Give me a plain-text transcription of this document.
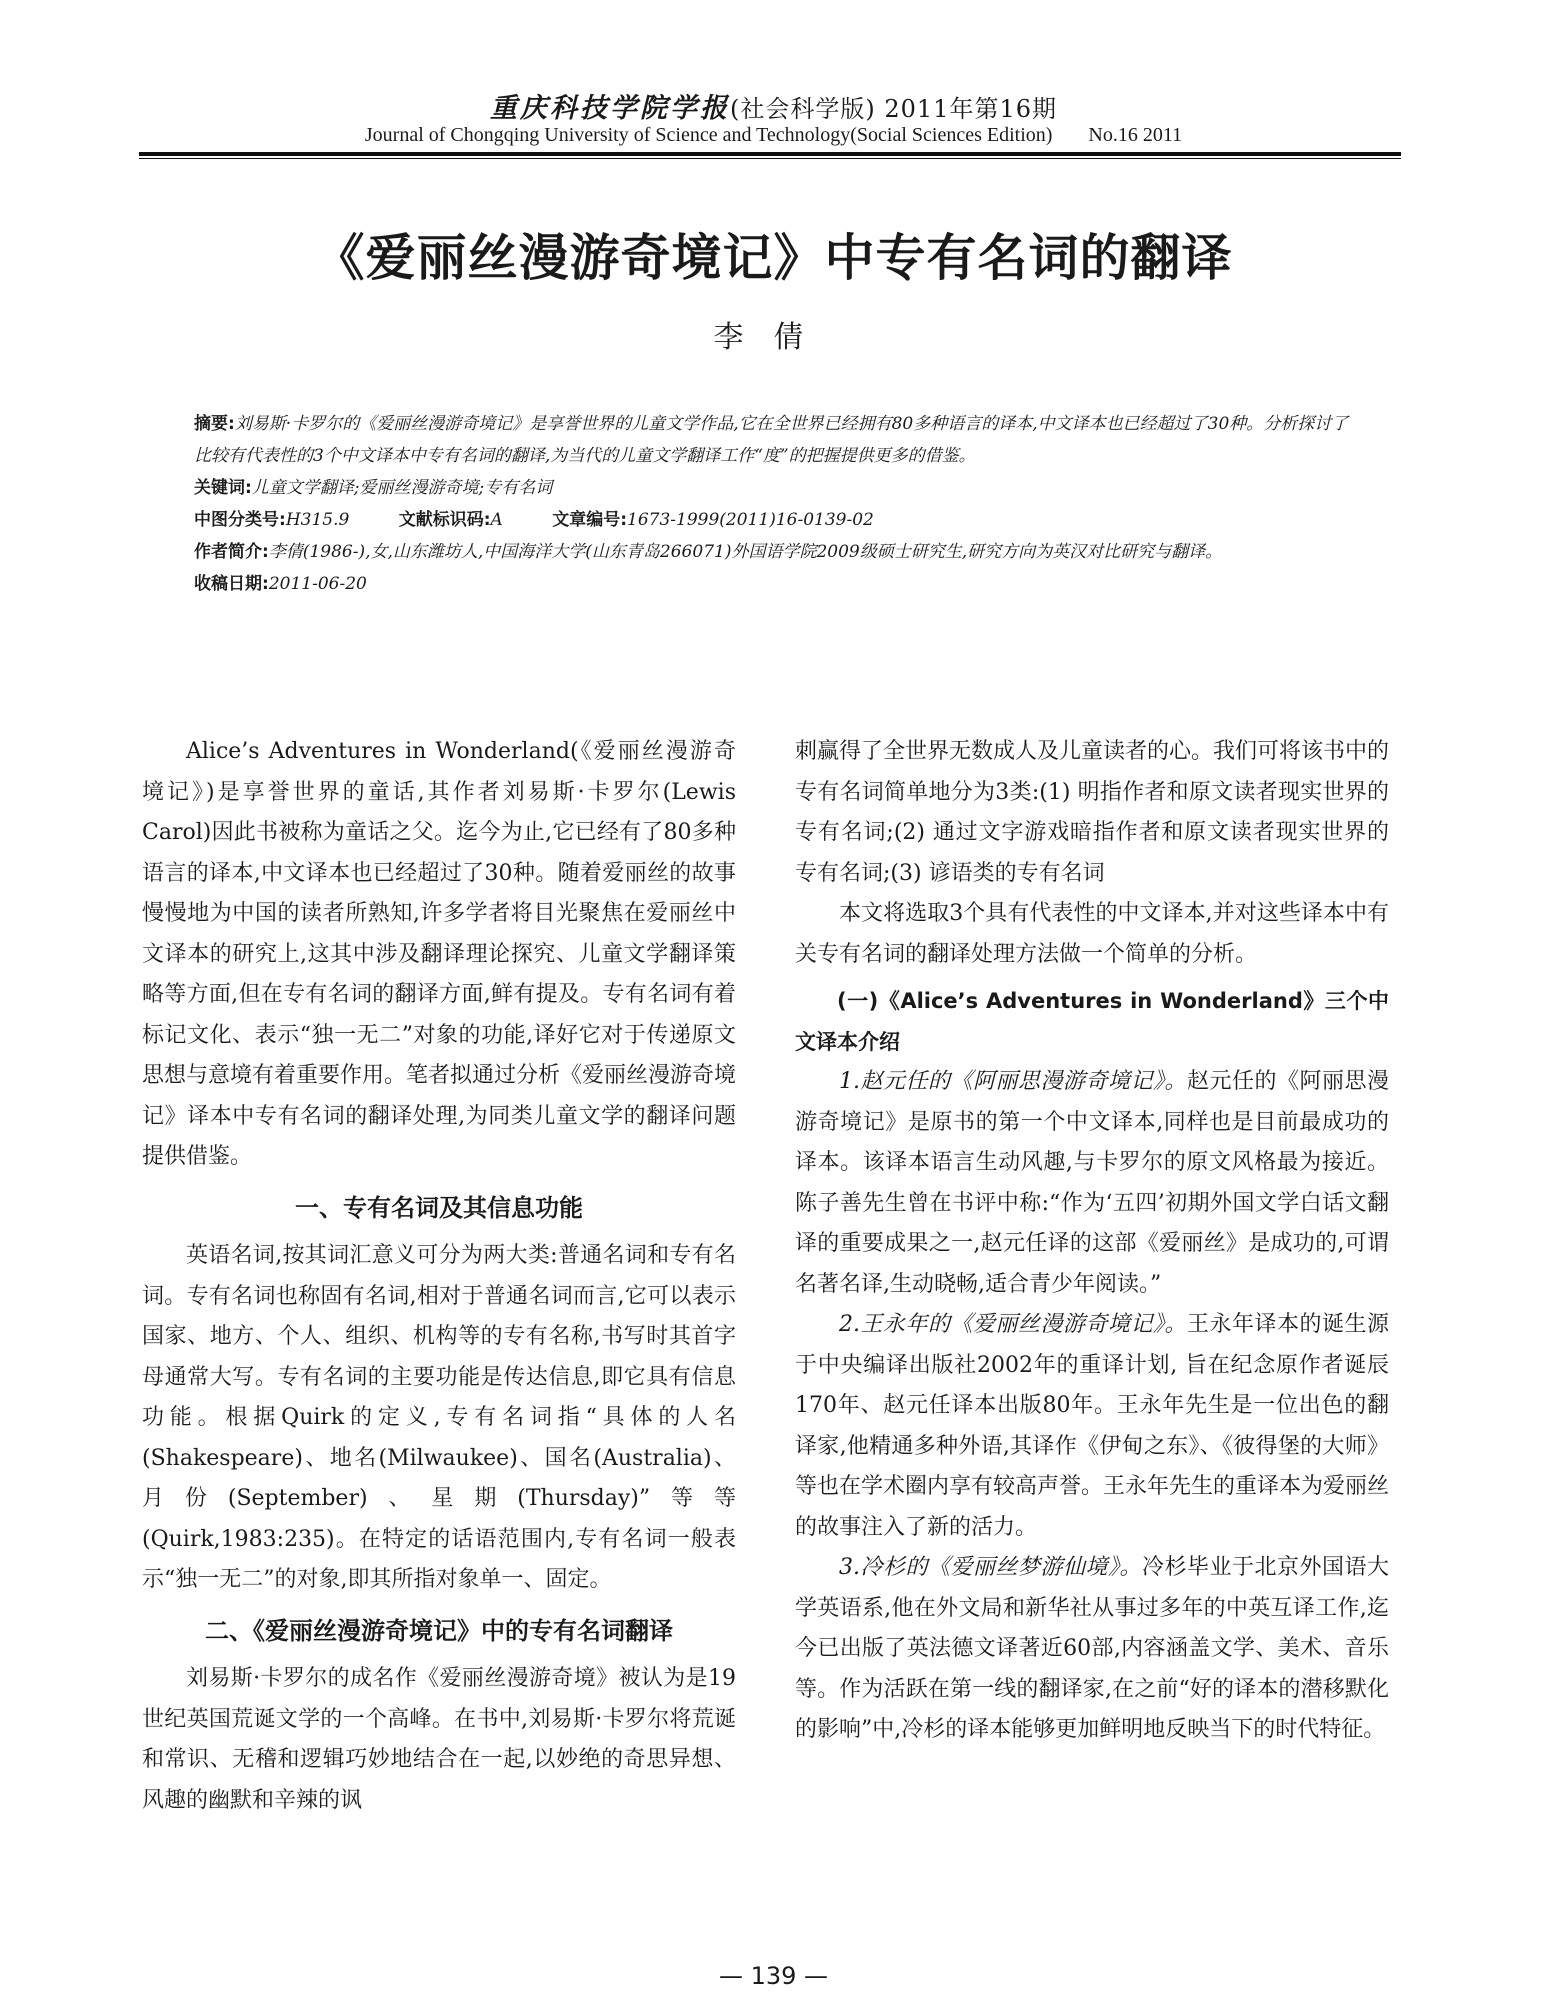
重庆科技学院学报(社会科学版) 2011年第16期
Journal of Chongqing University of Science and Technology(Social Sciences Edition) No.16 2011
《爱丽丝漫游奇境记》中专有名词的翻译
李倩

摘要:刘易斯·卡罗尔的《爱丽丝漫游奇境记》是享誉世界的儿童文学作品,它在全世界已经拥有80多种语言的译本,中文译本也已经超过了30种。分析探讨了比较有代表性的3个中文译本中专有名词的翻译,为当代的儿童文学翻译工作“度”的把握提供更多的借鉴。

关键词:儿童文学翻译;爱丽丝漫游奇境;专有名词

中图分类号:H315.9	文献标识码:A	文章编号:1673-1999(2011)16-0139-02

作者简介:李倩(1986-),女,山东潍坊人,中国海洋大学(山东青岛266071)外国语学院2009级硕士研究生,研究方向为英汉对比研究与翻译。

收稿日期:2011-06-20

Alice’s Adventures in Wonderland(《爱丽丝漫游奇境记》)是享誉世界的童话,其作者刘易斯·卡罗尔(Lewis Carol)因此书被称为童话之父。迄今为止,它已经有了80多种语言的译本,中文译本也已经超过了30种。随着爱丽丝的故事慢慢地为中国的读者所熟知,许多学者将目光聚焦在爱丽丝中文译本的研究上,这其中涉及翻译理论探究、儿童文学翻译策略等方面,但在专有名词的翻译方面,鲜有提及。专有名词有着标记文化、表示“独一无二”对象的功能,译好它对于传递原文思想与意境有着重要作用。笔者拟通过分析《爱丽丝漫游奇境记》译本中专有名词的翻译处理,为同类儿童文学的翻译问题提供借鉴。

一、专有名词及其信息功能

英语名词,按其词汇意义可分为两大类:普通名词和专有名词。专有名词也称固有名词,相对于普通名词而言,它可以表示国家、地方、个人、组织、机构等的专有名称,书写时其首字母通常大写。专有名词的主要功能是传达信息,即它具有信息功能。根据Quirk的定义,专有名词指“具体的人名(Shakespeare)、地名(Milwaukee)、国名(Australia)、月份(September)、星期(Thursday)”等等(Quirk,1983:235)。在特定的话语范围内,专有名词一般表示“独一无二”的对象,即其所指对象单一、固定。

二、《爱丽丝漫游奇境记》中的专有名词翻译

刘易斯·卡罗尔的成名作《爱丽丝漫游奇境》被认为是19世纪英国荒诞文学的一个高峰。在书中,刘易斯·卡罗尔将荒诞和常识、无稽和逻辑巧妙地结合在一起,以妙绝的奇思异想、风趣的幽默和辛辣的讽

刺赢得了全世界无数成人及儿童读者的心。我们可将该书中的专有名词简单地分为3类:(1) 明指作者和原文读者现实世界的专有名词;(2) 通过文字游戏暗指作者和原文读者现实世界的专有名词;(3) 谚语类的专有名词

本文将选取3个具有代表性的中文译本,并对这些译本中有关专有名词的翻译处理方法做一个简单的分析。

(一)《Alice’s Adventures in Wonderland》三个中文译本介绍

1.赵元任的《阿丽思漫游奇境记》。赵元任的《阿丽思漫游奇境记》是原书的第一个中文译本,同样也是目前最成功的译本。该译本语言生动风趣,与卡罗尔的原文风格最为接近。陈子善先生曾在书评中称:“作为‘五四’初期外国文学白话文翻译的重要成果之一,赵元任译的这部《爱丽丝》是成功的,可谓名著名译,生动晓畅,适合青少年阅读。”

2.王永年的《爱丽丝漫游奇境记》。王永年译本的诞生源于中央编译出版社2002年的重译计划, 旨在纪念原作者诞辰170年、赵元任译本出版80年。王永年先生是一位出色的翻译家,他精通多种外语,其译作《伊甸之东》、《彼得堡的大师》等也在学术圈内享有较高声誉。王永年先生的重译本为爱丽丝的故事注入了新的活力。

3.冷杉的《爱丽丝梦游仙境》。冷杉毕业于北京外国语大学英语系,他在外文局和新华社从事过多年的中英互译工作,迄今已出版了英法德文译著近60部,内容涵盖文学、美术、音乐等。作为活跃在第一线的翻译家,在之前“好的译本的潜移默化的影响”中,冷杉的译本能够更加鲜明地反映当下的时代特征。

— 139 —
